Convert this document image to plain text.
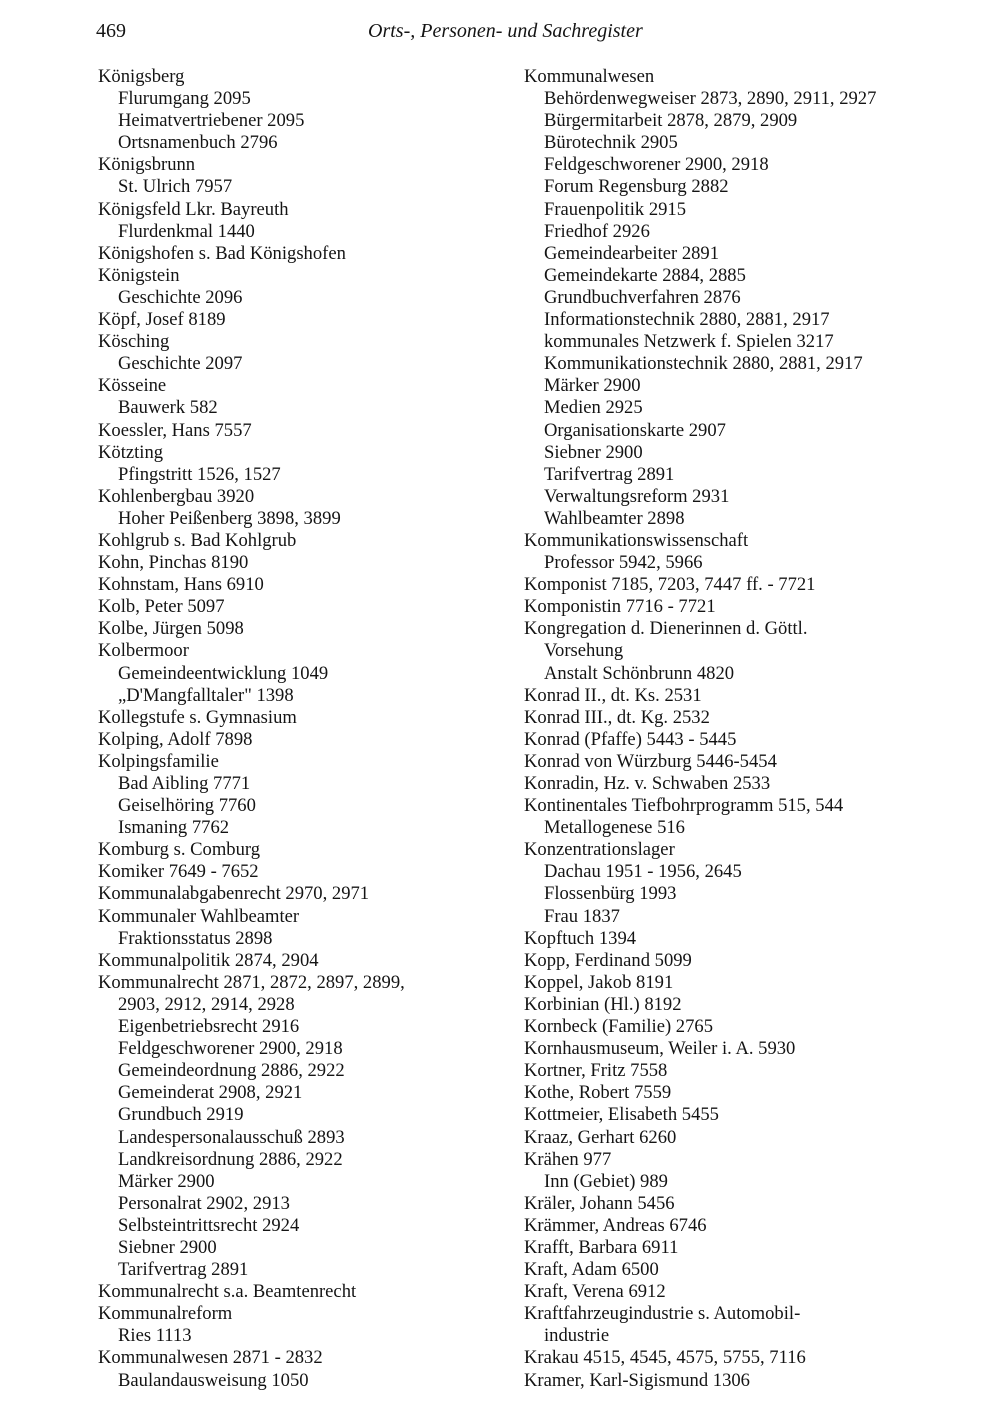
469	Orts-, Personen- und Sachregister
Königsberg
Flurumgang 2095
Heimatvertriebener 2095
Ortsnamenbuch 2796
Königsbrunn
St. Ulrich 7957
Königsfeld Lkr. Bayreuth
Flurdenkmal 1440
Königshofen s. Bad Königshofen
Königstein
Geschichte 2096
Köpf, Josef 8189
Kösching
Geschichte 2097
Kösseine
Bauwerk 582
Koessler, Hans 7557
Kötzting
Pfingstritt 1526, 1527
Kohlenbergbau 3920
Hoher Peißenberg 3898, 3899
Kohlgrub s. Bad Kohlgrub
Kohn, Pinchas 8190
Kohnstam, Hans 6910
Kolb, Peter 5097
Kolbe, Jürgen 5098
Kolbermoor
Gemeindeentwicklung 1049
„D'Mangfalltaler" 1398
Kollegstufe s. Gymnasium
Kolping, Adolf 7898
Kolpingsfamilie
Bad Aibling 7771
Geiselhöring 7760
Ismaning 7762
Komburg s. Comburg
Komiker 7649 - 7652
Kommunalabgabenrecht 2970, 2971
Kommunaler Wahlbeamter
Fraktionsstatus 2898
Kommunalpolitik 2874, 2904
Kommunalrecht 2871, 2872, 2897, 2899,
2903, 2912, 2914, 2928
Eigenbetriebsrecht 2916
Feldgeschworener 2900, 2918
Gemeindeordnung 2886, 2922
Gemeinderat 2908, 2921
Grundbuch 2919
Landespersonalausschuß 2893
Landkreisordnung 2886, 2922
Märker 2900
Personalrat 2902, 2913
Selbsteintrittsrecht 2924
Siebner 2900
Tarifvertrag 2891
Kommunalrecht s.a. Beamtenrecht
Kommunalreform
Ries 1113
Kommunalwesen 2871 - 2832
Baulandausweisung 1050
Kommunalwesen
Behördenwegweiser 2873, 2890, 2911, 2927
Bürgermitarbeit 2878, 2879, 2909
Bürotechnik 2905
Feldgeschworener 2900, 2918
Forum Regensburg 2882
Frauenpolitik 2915
Friedhof 2926
Gemeindearbeiter 2891
Gemeindekarte 2884, 2885
Grundbuchverfahren 2876
Informationstechnik 2880, 2881, 2917
kommunales Netzwerk f. Spielen 3217
Kommunikationstechnik 2880, 2881, 2917
Märker 2900
Medien 2925
Organisationskarte 2907
Siebner 2900
Tarifvertrag 2891
Verwaltungsreform 2931
Wahlbeamter 2898
Kommunikationswissenschaft
Professor 5942, 5966
Komponist 7185, 7203, 7447 ff. - 7721
Komponistin 7716 - 7721
Kongregation d. Dienerinnen d. Göttl.
Vorsehung
Anstalt Schönbrunn 4820
Konrad II., dt. Ks. 2531
Konrad III., dt. Kg. 2532
Konrad (Pfaffe) 5443 - 5445
Konrad von Würzburg 5446-5454
Konradin, Hz. v. Schwaben 2533
Kontinentales Tiefbohrprogramm 515, 544
Metallogenese 516
Konzentrationslager
Dachau 1951 - 1956, 2645
Flossenbürg 1993
Frau 1837
Kopftuch 1394
Kopp, Ferdinand 5099
Koppel, Jakob 8191
Korbinian (Hl.) 8192
Kornbeck (Familie) 2765
Kornhausmuseum, Weiler i. A. 5930
Kortner, Fritz 7558
Kothe, Robert 7559
Kottmeier, Elisabeth 5455
Kraaz, Gerhart 6260
Krähen 977
Inn (Gebiet) 989
Kräler, Johann 5456
Krämmer, Andreas 6746
Krafft, Barbara 6911
Kraft, Adam 6500
Kraft, Verena 6912
Kraftfahrzeugindustrie s. Automobil-
industrie
Krakau 4515, 4545, 4575, 5755, 7116
Kramer, Karl-Sigismund 1306
